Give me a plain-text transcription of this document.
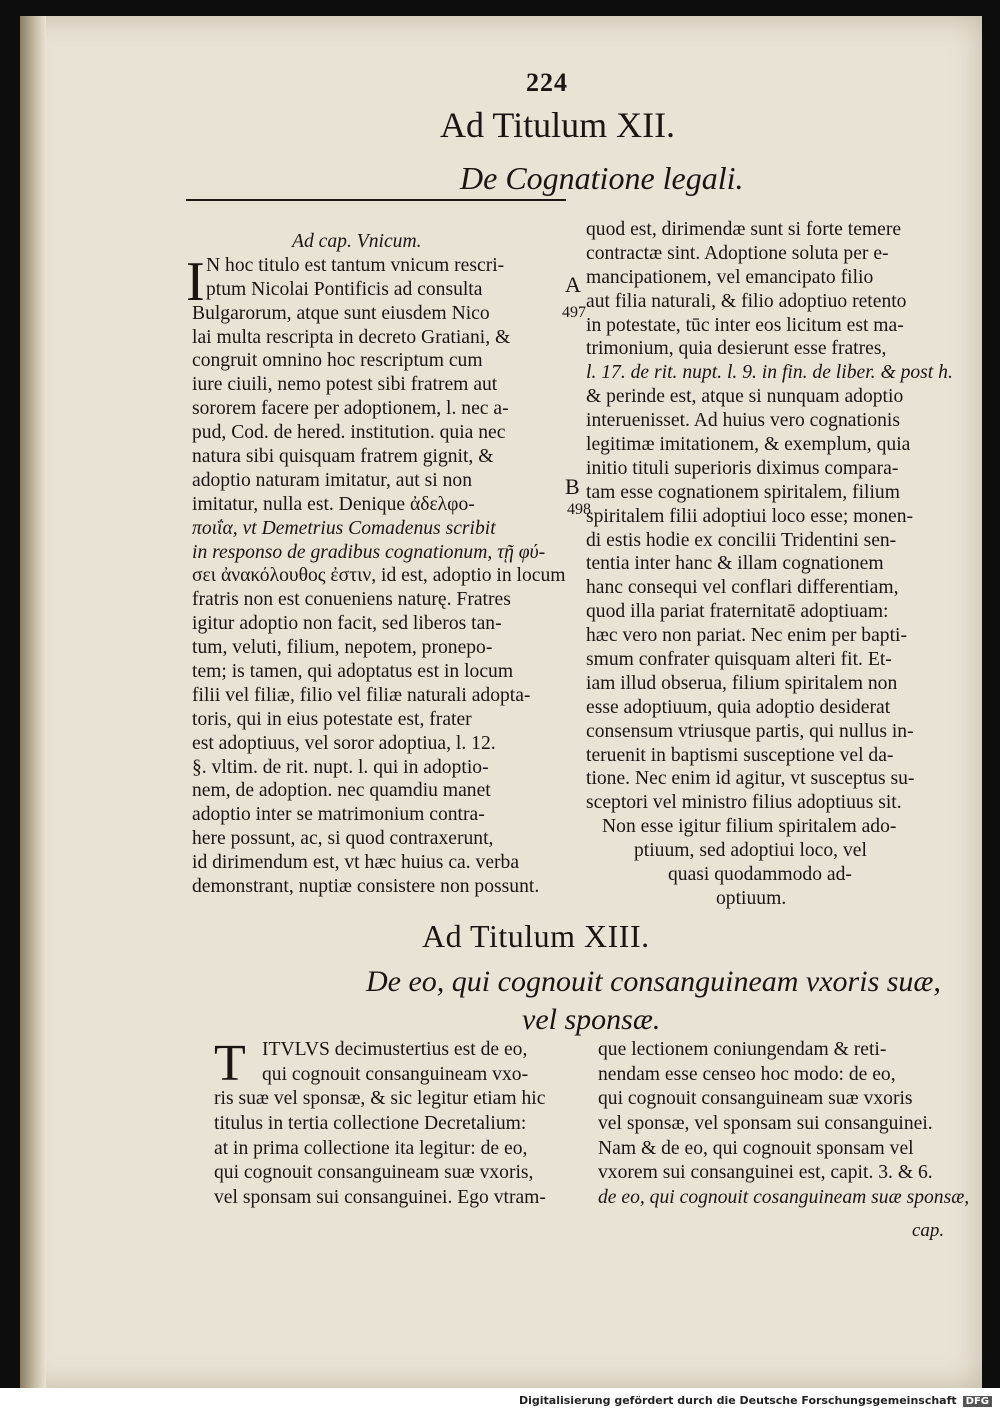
224
Ad Titulum XII.
De Cognatione legali.
I
Ad cap. Vnicum.
N hoc titulo est tantum vnicum rescri-
ptum Nicolai Pontificis ad consulta
Bulgarorum, atque sunt eiusdem Nico
lai multa rescripta in decreto Gratiani, &
congruit omnino hoc rescriptum cum
iure ciuili, nemo potest sibi fratrem aut
sororem facere per adoptionem, l. nec a-
pud, Cod. de hered. institution. quia nec
natura sibi quisquam fratrem gignit, &
adoptio naturam imitatur, aut si non
imitatur, nulla est. Denique ἀδελφο-
ποιΐα, vt Demetrius Comadenus scribit
in responso de gradibus cognationum, τῇ φύ-
σει ἀνακόλουθος ἐστιν, id est, adoptio in locum
fratris non est conueniens naturę. Fratres
igitur adoptio non facit, sed liberos tan-
tum, veluti, filium, nepotem, pronepo-
tem; is tamen, qui adoptatus est in locum
filii vel filiæ, filio vel filiæ naturali adopta-
toris, qui in eius potestate est, frater
est adoptiuus, vel soror adoptiua, l. 12.
§. vltim. de rit. nupt. l. qui in adoptio-
nem, de adoption. nec quamdiu manet
adoptio inter se matrimonium contra-
here possunt, ac, si quod contraxerunt,
id dirimendum est, vt hæc huius ca. verba
demonstrant, nuptiæ consistere non possunt.
A
497
B
498
quod est, dirimendæ sunt si forte temere
contractæ sint. Adoptione soluta per e-
mancipationem, vel emancipato filio
aut filia naturali, & filio adoptiuo retento
in potestate, tūc inter eos licitum est ma-
trimonium, quia desierunt esse fratres,
l. 17. de rit. nupt. l. 9. in fin. de liber. & post h.
& perinde est, atque si nunquam adoptio
interuenisset. Ad huius vero cognationis
legitimæ imitationem, & exemplum, quia
initio tituli superioris diximus compara-
tam esse cognationem spiritalem, filium
spiritalem filii adoptiui loco esse; monen-
di estis hodie ex concilii Tridentini sen-
tentia inter hanc & illam cognationem
hanc consequi vel conflari differentiam,
quod illa pariat fraternitatē adoptiuam:
hæc vero non pariat. Nec enim per bapti-
smum confrater quisquam alteri fit. Et-
iam illud obserua, filium spiritalem non
esse adoptiuum, quia adoptio desiderat
consensum vtriusque partis, qui nullus in-
teruenit in baptismi susceptione vel da-
tione. Nec enim id agitur, vt susceptus su-
sceptori vel ministro filius adoptiuus sit.
Non esse igitur filium spiritalem ado-
ptiuum, sed adoptiui loco, vel
quasi quodammodo ad-
optiuum.
Ad Titulum XIII.
De eo, qui cognouit consanguineam vxoris suæ,
vel sponsæ.
T ITVLVS decimustertius est de eo,
qui cognouit consanguineam vxo-
ris suæ vel sponsæ, & sic legitur etiam hic
titulus in tertia collectione Decretalium:
at in prima collectione ita legitur: de eo,
qui cognouit consanguineam suæ vxoris,
vel sponsam sui consanguinei. Ego vtram-
que lectionem coniungendam & reti-
nendam esse censeo hoc modo: de eo,
qui cognouit consanguineam suæ vxoris
vel sponsæ, vel sponsam sui consanguinei.
Nam & de eo, qui cognouit sponsam vel
vxorem sui consanguinei est, capit. 3. & 6.
de eo, qui cognouit cosanguineam suæ sponsæ,
cap.
Digitalisierung gefördert durch die Deutsche Forschungsgemeinschaft DFG
